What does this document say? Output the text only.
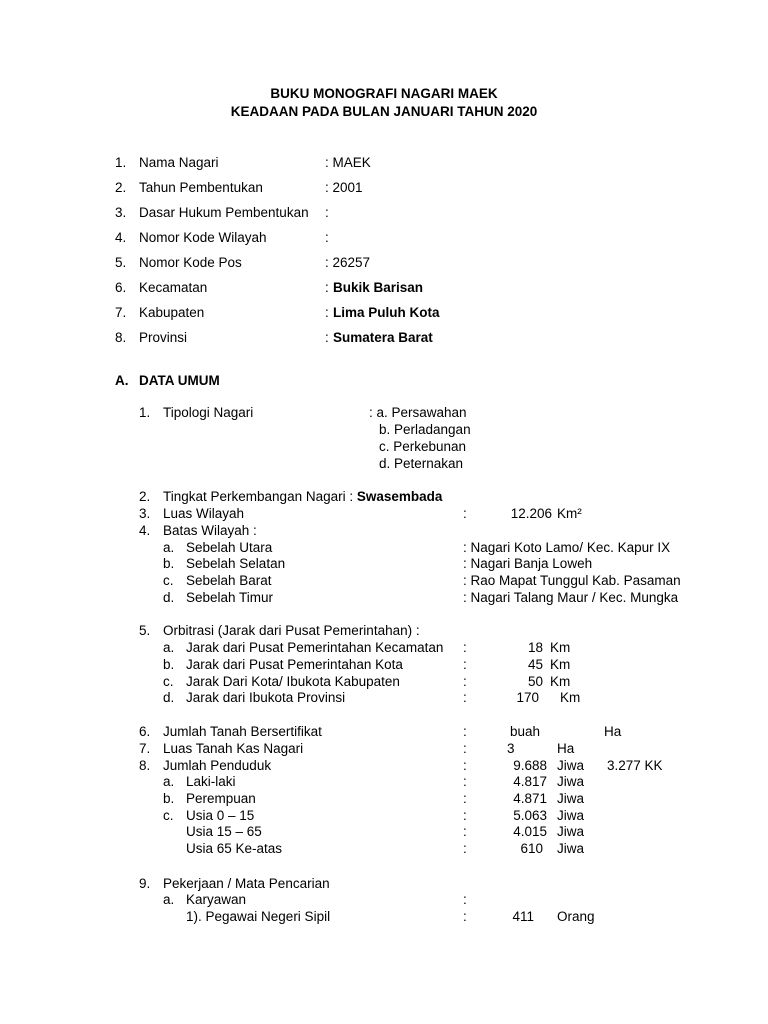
BUKU MONOGRAFI NAGARI MAEK
KEADAAN PADA BULAN JANUARI TAHUN 2020
1. Nama Nagari	: MAEK
2. Tahun Pembentukan	: 2001
3. Dasar Hukum Pembentukan :
4. Nomor Kode Wilayah	:
5. Nomor Kode Pos	: 26257
6. Kecamatan	: Bukik Barisan
7. Kabupaten	: Lima Puluh Kota
8. Provinsi	: Sumatera Barat
A. DATA UMUM
1. Tipologi Nagari	: a. Persawahan
b. Perladangan
c. Perkebunan
d. Peternakan
2. Tingkat Perkembangan Nagari : Swasembada
3. Luas Wilayah	:	12.206 Km²
4. Batas Wilayah :
a. Sebelah Utara	: Nagari Koto Lamo/ Kec. Kapur IX
b. Sebelah Selatan	: Nagari Banja Loweh
c. Sebelah Barat	: Rao Mapat Tunggul Kab. Pasaman
d. Sebelah Timur	: Nagari Talang Maur / Kec. Mungka
5. Orbitrasi (Jarak dari Pusat Pemerintahan) :
a. Jarak dari Pusat Pemerintahan Kecamatan :	18 Km
b. Jarak dari Pusat Pemerintahan Kota	:	45 Km
c. Jarak Dari Kota/ Ibukota Kabupaten	:	50 Km
d. Jarak dari Ibukota Provinsi	:	170 Km
6. Jumlah Tanah Bersertifikat	:	buah	Ha
7. Luas Tanah Kas Nagari	:	3	Ha
8. Jumlah Penduduk	:	9.688 Jiwa 3.277 KK
a. Laki-laki	:	4.817 Jiwa
b. Perempuan	:	4.871 Jiwa
c. Usia 0 – 15	:	5.063 Jiwa
Usia 15 – 65	:	4.015 Jiwa
Usia 65 Ke-atas	:	610 Jiwa
9. Pekerjaan / Mata Pencarian
a. Karyawan	:
1). Pegawai Negeri Sipil	:	411 Orang
